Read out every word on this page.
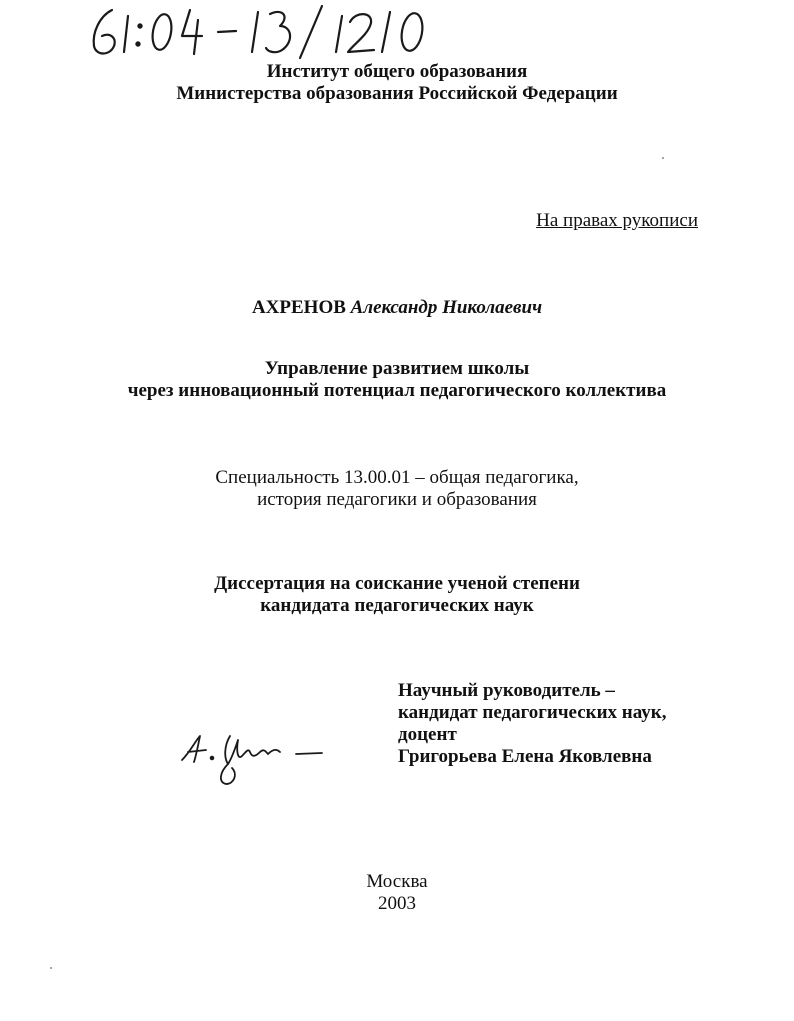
Институт общего образования
Министерства образования Российской Федерации
На правах рукописи
АХРЕНОВ Александр Николаевич
Управление развитием школы
через инновационный потенциал педагогического коллектива
Специальность 13.00.01 – общая педагогика,
история педагогики и образования
Диссертация на соискание ученой степени
кандидата педагогических наук
Научный руководитель –
кандидат педагогических наук,
доцент
Григорьева Елена Яковлевна
Москва
2003
